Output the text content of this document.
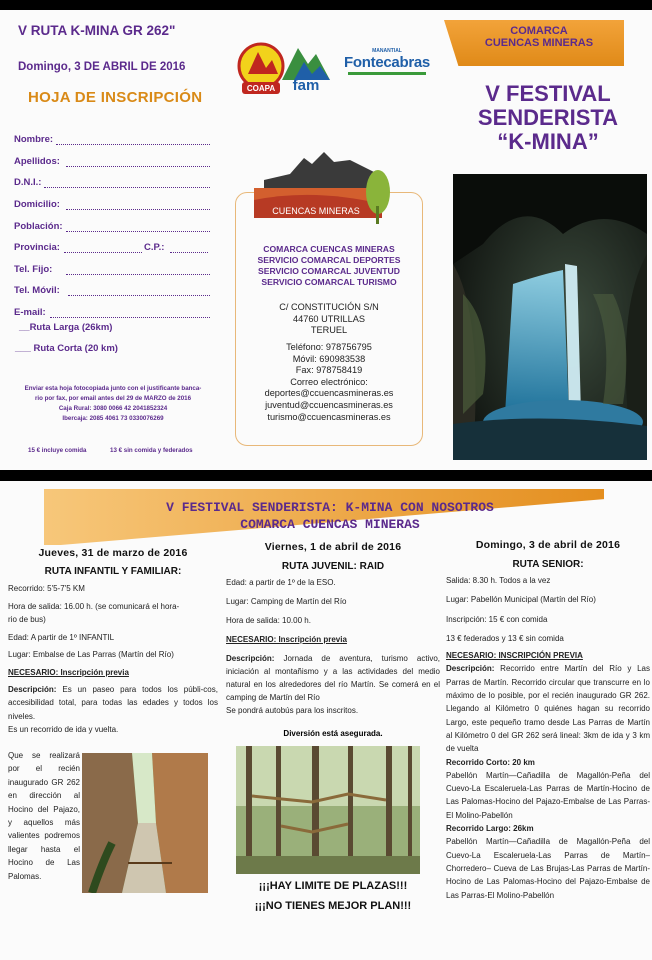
V RUTA K-MINA GR 262"
Domingo, 3 DE ABRIL DE 2016
HOJA DE INSCRIPCIÓN
Nombre:
Apellidos:
D.N.I.:
Domicilio:
Población:
Provincia:	C.P.:
Tel. Fijo:
Tel. Móvil:
E-mail:
__Ruta Larga (26km)
___ Ruta Corta (20 km)
Enviar esta hoja fotocopiada junto con el justificante banca-
rio por fax, por email antes del 29 de MARZO de 2016
Caja Rural: 3080 0066 42 2041852324
Ibercaja: 2085 4061 73 0330076269
15 € incluye comida	13 € sin comida y federados
COAPA fam
MANANTIAL
Fontecabras
CUENCAS MINERAS
COMARCA CUENCAS MINERAS
SERVICIO COMARCAL DEPORTES
SERVICIO COMARCAL JUVENTUD
SERVICIO COMARCAL TURISMO
C/ CONSTITUCIÓN S/N
44760 UTRILLAS
TERUEL
Teléfono: 978756795
Móvil: 690983538
Fax: 978758419
Correo electrónico:
deportes@ccuencasmineras.es
juventud@ccuencasmineras.es
turismo@ccuencasmineras.es
COMARCA
CUENCAS MINERAS
V FESTIVAL
SENDERISTA
“K-MINA”
V FESTIVAL SENDERISTA: K-MINA CON NOSOTROS
COMARCA CUENCAS MINERAS
Jueves, 31 de marzo de 2016
RUTA INFANTIL Y FAMILIAR:
Recorrido: 5'5-7'5 KM
Hora de salida: 16.00 h. (se comunicará el hora-
rio de bus)
Edad: A partir de 1º INFANTIL
Lugar: Embalse de Las Parras (Martín del Río)
NECESARIO: Inscripción previa
Descripción: Es un paseo para todos los públi-cos, accesibilidad total, para todas las edades y todos los niveles.
Es un recorrido de ida y vuelta.
Que se realizará por el recién inaugurado GR 262 en dirección al Hocino del Pajazo, y aquellos más valientes podremos llegar hasta el Hocino de Las Palomas.
Viernes, 1 de abril de 2016
RUTA JUVENIL: RAID
Edad: a partir de 1º de la ESO.
Lugar: Camping de Martín del Río
Hora de salida: 10.00 h.
NECESARIO: Inscripción previa
Descripción: Jornada de aventura, turismo activo, iniciación al montañismo y a las actividades del medio natural en los alrededores del río Martín. Se comerá en el camping de Martín del Río
Se pondrá autobús para los inscritos.
Diversión está asegurada.
¡¡¡HAY LIMITE DE PLAZAS!!!
¡¡¡NO TIENES MEJOR PLAN!!!
Domingo, 3 de abril de 2016
RUTA SENIOR:
Salida: 8.30 h. Todos a la vez
Lugar: Pabellón Municipal (Martín del Río)
Inscripción: 15 € con comida
13 € federados y 13 € sin comida
NECESARIO: INSCRIPCIÓN PREVIA
Descripción: Recorrido entre Martín del Río y Las Parras de Martín. Recorrido circular que transcurre en lo máximo de lo posible, por el recién inaugurado GR 262. Llegando al Kilómetro 0 quiénes hagan su recorrido Largo, este pequeño tramo desde Las Parras de Martín al Kilómetro 0 del GR 262 será lineal: 3km de ida y 3 km de vuelta
Recorrido Corto: 20 km
Pabellón Martín—Cañadilla de Magallón-Peña del Cuevo-La Escaleruela-Las Parras de Martín-Hocino de Las Palomas-Hocino del Pajazo-Embalse de Las Parras-El Molino-Pabellón
Recorrido Largo: 26km
Pabellón Martín—Cañadilla de Magallón-Peña del Cuevo-La Escaleruela-Las Parras de Martín– Chorredero– Cueva de Las Brujas-Las Parras de Martín-Hocino de Las Palomas-Hocino del Pajazo-Embalse de Las Parras-El Molino-Pabellón
